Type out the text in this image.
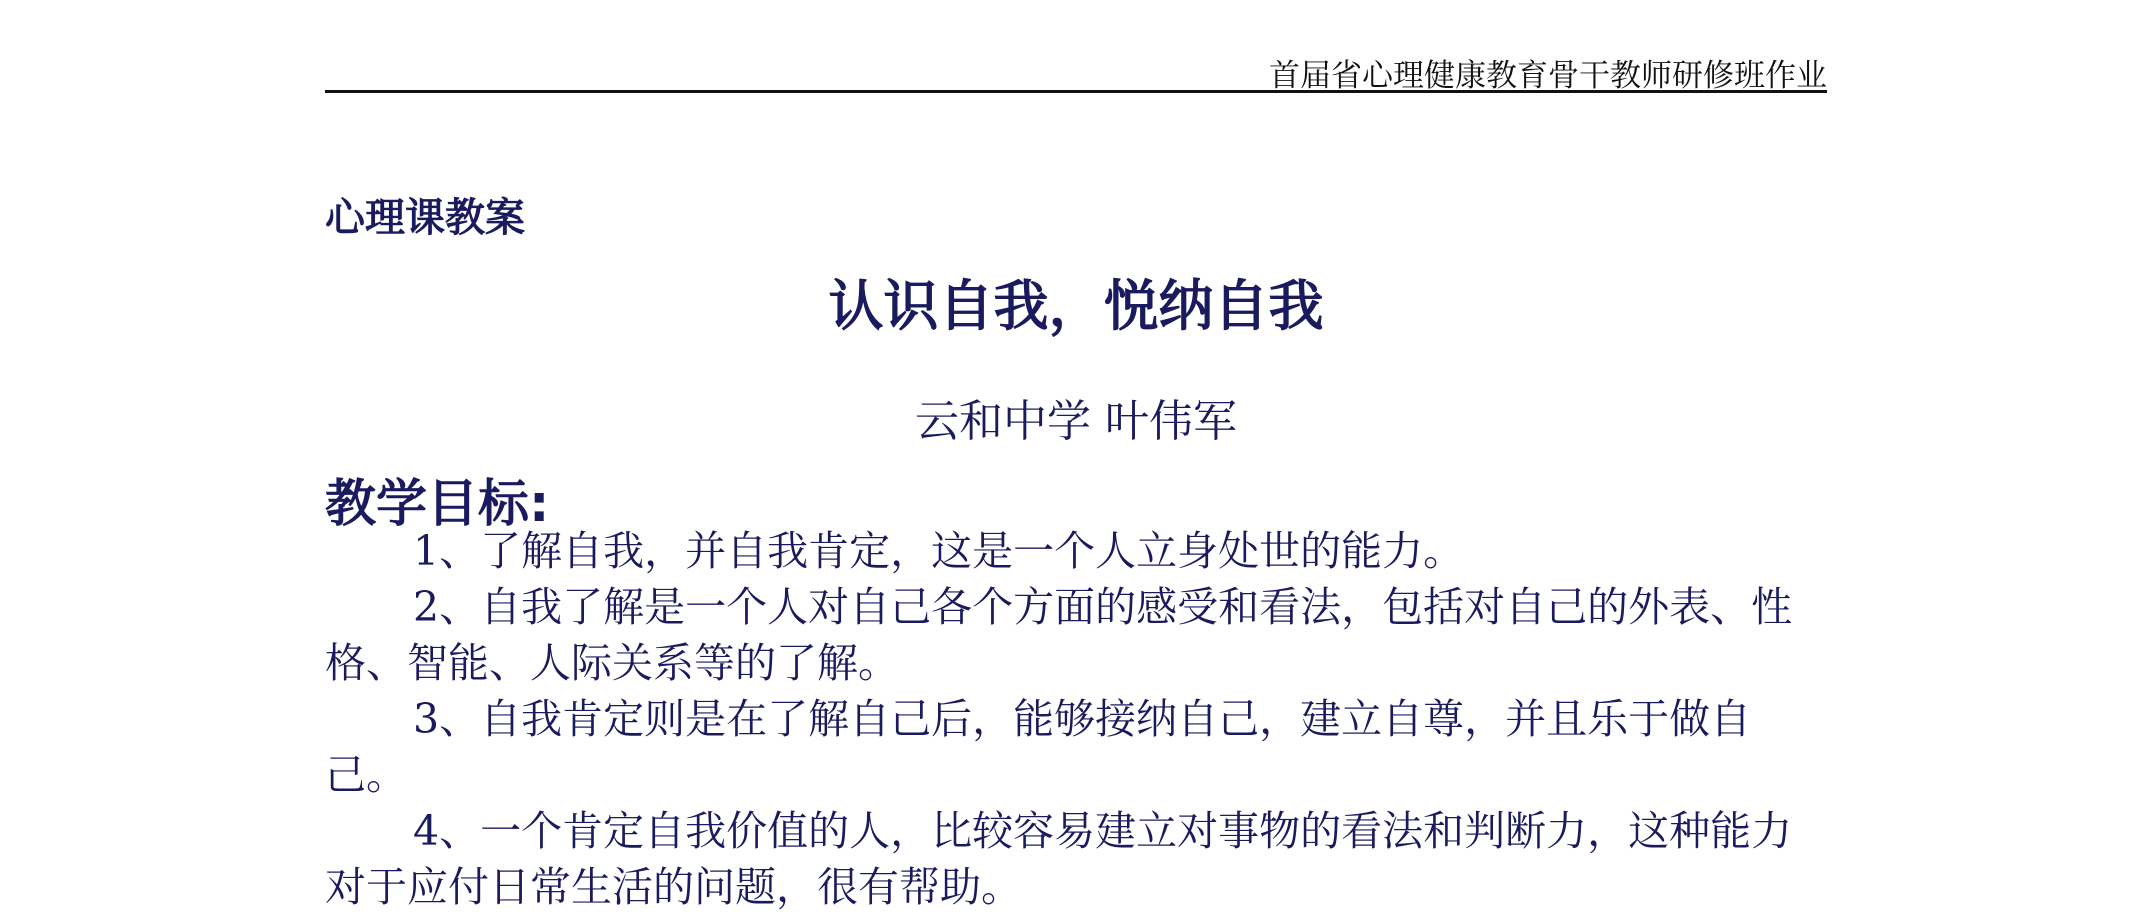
首届省心理健康教育骨干教师研修班作业
心理课教案
认识自我，悦纳自我
云和中学 叶伟军
教学目标:

1、了解自我，并自我肯定，这是一个人立身处世的能力。

2、自我了解是一个人对自己各个方面的感受和看法，包括对自己的外表、性格、智能、人际关系等的了解。

3、自我肯定则是在了解自己后，能够接纳自己，建立自尊，并且乐于做自己。

4、一个肯定自我价值的人，比较容易建立对事物的看法和判断力，这种能力对于应付日常生活的问题，很有帮助。
